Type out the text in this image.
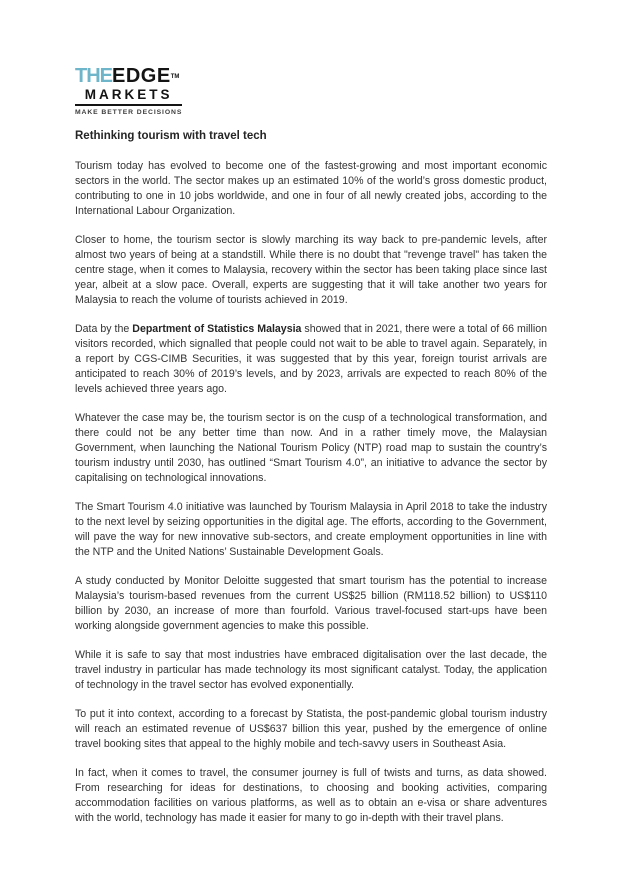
THEEDGE™
MARKETS
MAKE BETTER DECISIONS
Rethinking tourism with travel tech

Tourism today has evolved to become one of the fastest-growing and most important economic sectors in the world. The sector makes up an estimated 10% of the world’s gross domestic product, contributing to one in 10 jobs worldwide, and one in four of all newly created jobs, according to the International Labour Organization.

Closer to home, the tourism sector is slowly marching its way back to pre-pandemic levels, after almost two years of being at a standstill. While there is no doubt that "revenge travel" has taken the centre stage, when it comes to Malaysia, recovery within the sector has been taking place since last year, albeit at a slow pace. Overall, experts are suggesting that it will take another two years for Malaysia to reach the volume of tourists achieved in 2019.

Data by the Department of Statistics Malaysia showed that in 2021, there were a total of 66 million visitors recorded, which signalled that people could not wait to be able to travel again. Separately, in a report by CGS-CIMB Securities, it was suggested that by this year, foreign tourist arrivals are anticipated to reach 30% of 2019’s levels, and by 2023, arrivals are expected to reach 80% of the levels achieved three years ago.

Whatever the case may be, the tourism sector is on the cusp of a technological transformation, and there could not be any better time than now. And in a rather timely move, the Malaysian Government, when launching the National Tourism Policy (NTP) road map to sustain the country’s tourism industry until 2030, has outlined “Smart Tourism 4.0”, an initiative to advance the sector by capitalising on technological innovations.

The Smart Tourism 4.0 initiative was launched by Tourism Malaysia in April 2018 to take the industry to the next level by seizing opportunities in the digital age. The efforts, according to the Government, will pave the way for new innovative sub-sectors, and create employment opportunities in line with the NTP and the United Nations’ Sustainable Development Goals.

A study conducted by Monitor Deloitte suggested that smart tourism has the potential to increase Malaysia’s tourism-based revenues from the current US$25 billion (RM118.52 billion) to US$110 billion by 2030, an increase of more than fourfold. Various travel-focused start-ups have been working alongside government agencies to make this possible.

While it is safe to say that most industries have embraced digitalisation over the last decade, the travel industry in particular has made technology its most significant catalyst. Today, the application of technology in the travel sector has evolved exponentially.

To put it into context, according to a forecast by Statista, the post-pandemic global tourism industry will reach an estimated revenue of US$637 billion this year, pushed by the emergence of online travel booking sites that appeal to the highly mobile and tech-savvy users in Southeast Asia.

In fact, when it comes to travel, the consumer journey is full of twists and turns, as data showed. From researching for ideas for destinations, to choosing and booking activities, comparing accommodation facilities on various platforms, as well as to obtain an e-visa or share adventures with the world, technology has made it easier for many to go in-depth with their travel plans.
